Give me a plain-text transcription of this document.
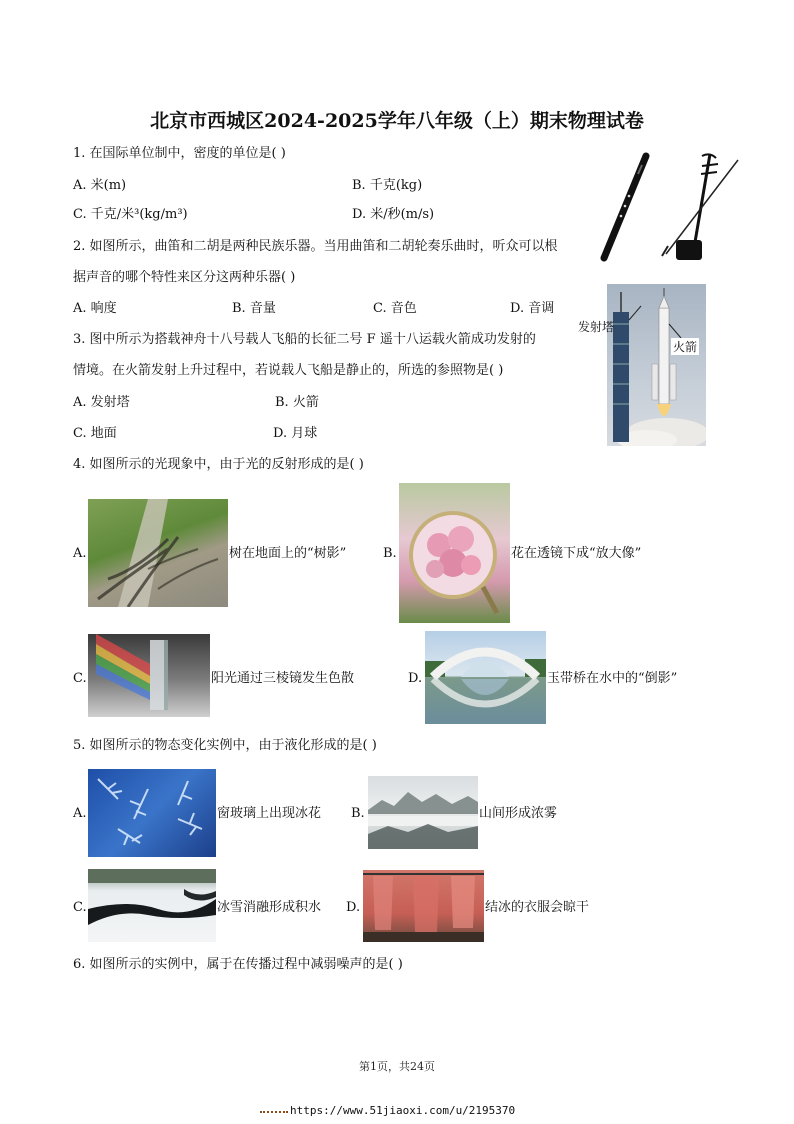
北京市西城区2024-2025学年八年级（上）期末物理试卷
1. 在国际单位制中，密度的单位是( )
A. 米(m)	B. 千克(kg)
C. 千克/米³(kg/m³)	D. 米/秒(m/s)
2. 如图所示，曲笛和二胡是两种民族乐器。当用曲笛和二胡轮奏乐曲时，听众可以根
据声音的哪个特性来区分这两种乐器( )
A. 响度	B. 音量	C. 音色	D. 音调
火箭
发射塔
3. 图中所示为搭载神舟十八号载人飞船的长征二号 F 遥十八运载火箭成功发射的
情境。在火箭发射上升过程中，若说载人飞船是静止的，所选的参照物是( )
A. 发射塔	B. 火箭
C. 地面	D. 月球
4. 如图所示的光现象中，由于光的反射形成的是( )
A.	树在地面上的“树影”	B.	花在透镜下成“放大像”
C.	阳光通过三棱镜发生色散	D.	玉带桥在水中的“倒影”
5. 如图所示的物态变化实例中，由于液化形成的是( )
A.	窗玻璃上出现冰花 B.	山间形成浓雾
C.	冰雪消融形成积水 D.	结冰的衣服会晾干
6. 如图所示的实例中，属于在传播过程中减弱噪声的是( )
第1页，共24页
https://www.51jiaoxi.com/u/2195370
